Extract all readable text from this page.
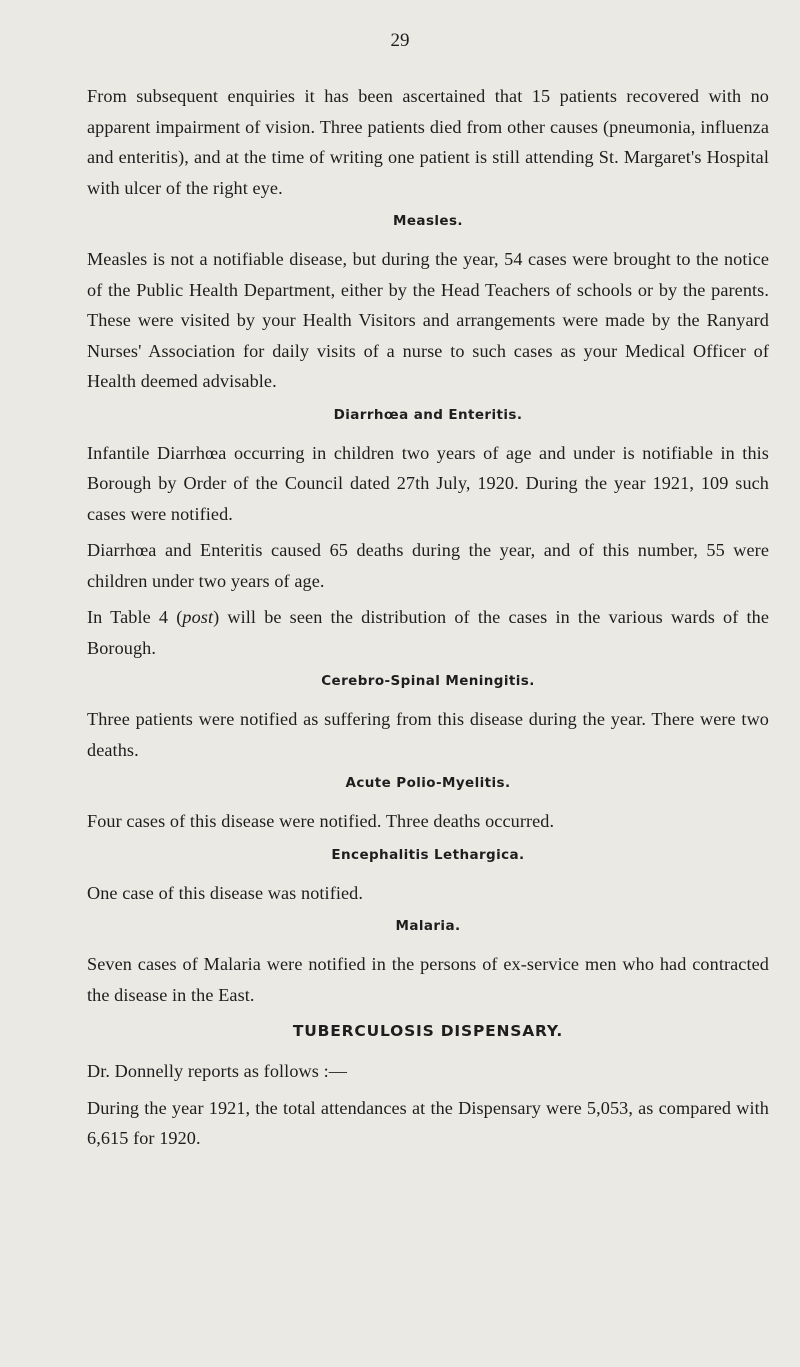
29

From subsequent enquiries it has been ascertained that 15 patients recovered with no apparent impairment of vision. Three patients died from other causes (pneumonia, influenza and enteritis), and at the time of writing one patient is still attending St. Margaret's Hospital with ulcer of the right eye.

Measles.

Measles is not a notifiable disease, but during the year, 54 cases were brought to the notice of the Public Health Department, either by the Head Teachers of schools or by the parents. These were visited by your Health Visitors and arrangements were made by the Ranyard Nurses' Association for daily visits of a nurse to such cases as your Medical Officer of Health deemed advisable.

Diarrhœa and Enteritis.

Infantile Diarrhœa occurring in children two years of age and under is notifiable in this Borough by Order of the Council dated 27th July, 1920. During the year 1921, 109 such cases were notified.

Diarrhœa and Enteritis caused 65 deaths during the year, and of this number, 55 were children under two years of age.

In Table 4 (post) will be seen the distribution of the cases in the various wards of the Borough.

Cerebro-Spinal Meningitis.

Three patients were notified as suffering from this disease during the year. There were two deaths.

Acute Polio-Myelitis.

Four cases of this disease were notified. Three deaths occurred.

Encephalitis Lethargica.

One case of this disease was notified.

Malaria.

Seven cases of Malaria were notified in the persons of ex-service men who had contracted the disease in the East.

TUBERCULOSIS DISPENSARY.

Dr. Donnelly reports as follows :—

During the year 1921, the total attendances at the Dispensary were 5,053, as compared with 6,615 for 1920.
